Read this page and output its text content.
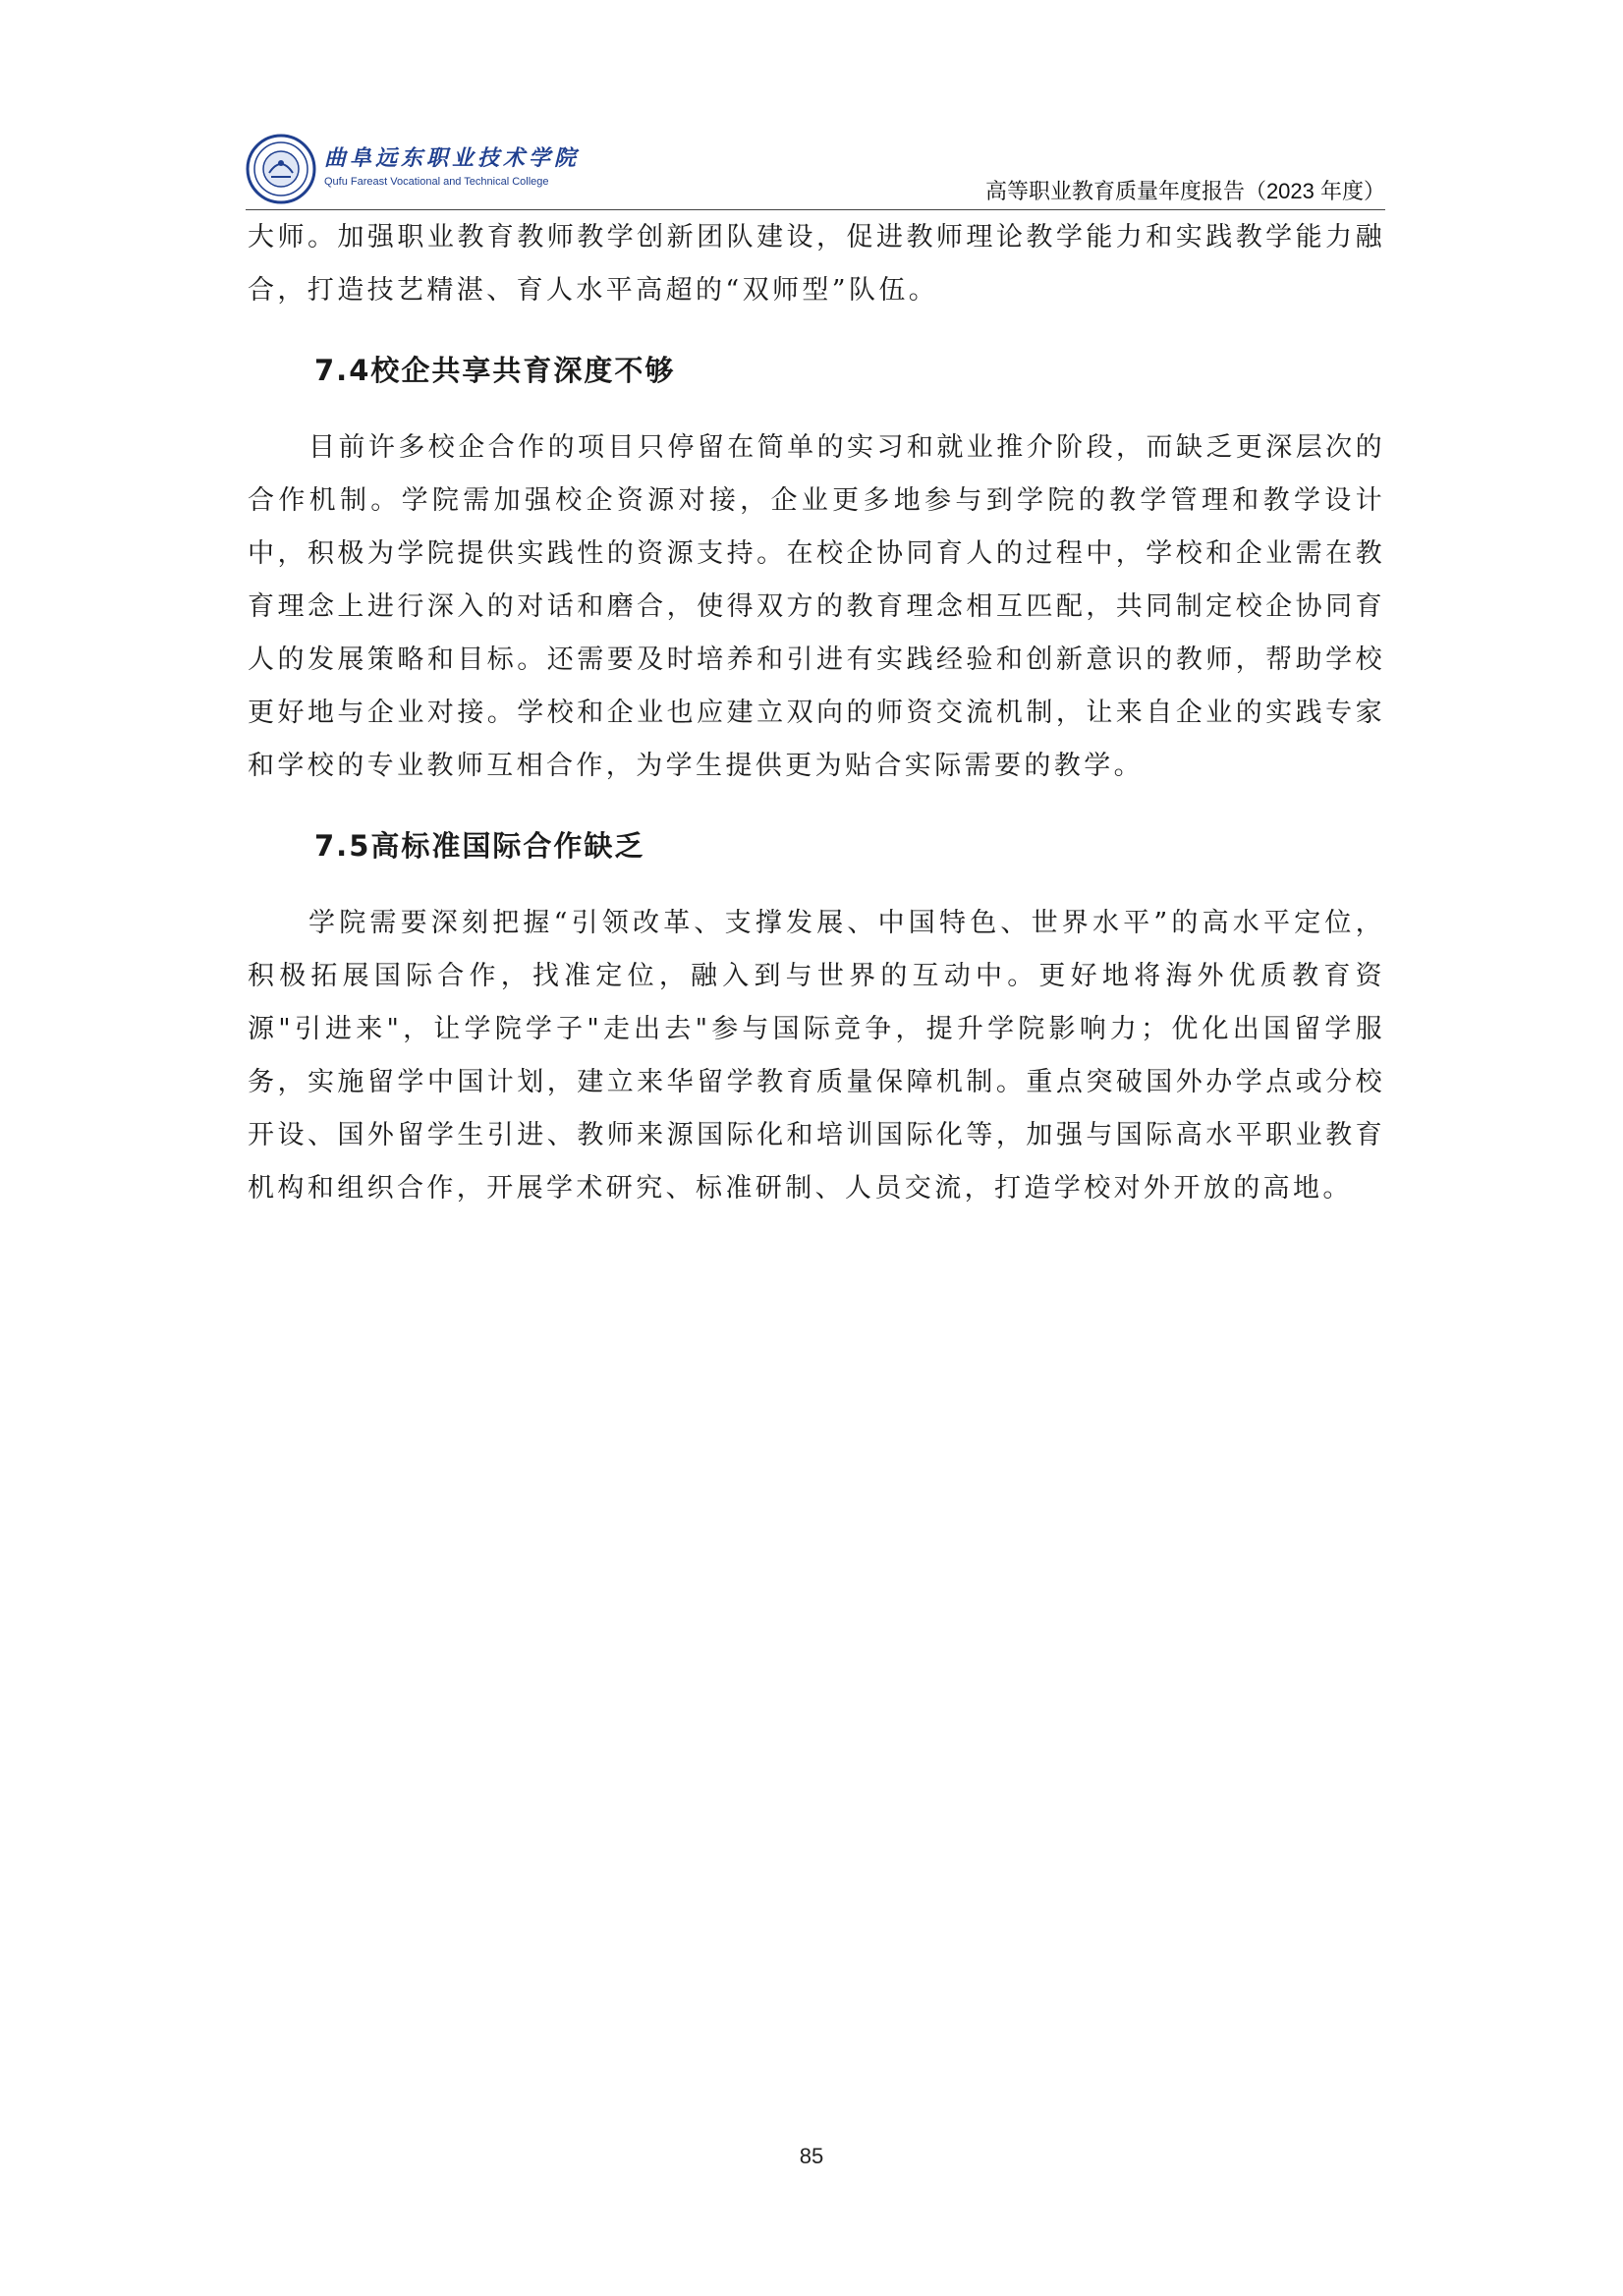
曲阜远东职业技术学院
Qufu Fareast Vocational and Technical College	高等职业教育质量年度报告（2023 年度）

大师。加强职业教育教师教学创新团队建设，促进教师理论教学能力和实践教学能力融合，打造技艺精湛、育人水平高超的“双师型”队伍。

7.4校企共享共育深度不够

目前许多校企合作的项目只停留在简单的实习和就业推介阶段，而缺乏更深层次的合作机制。学院需加强校企资源对接，企业更多地参与到学院的教学管理和教学设计中，积极为学院提供实践性的资源支持。在校企协同育人的过程中，学校和企业需在教育理念上进行深入的对话和磨合，使得双方的教育理念相互匹配，共同制定校企协同育人的发展策略和目标。还需要及时培养和引进有实践经验和创新意识的教师，帮助学校更好地与企业对接。学校和企业也应建立双向的师资交流机制，让来自企业的实践专家和学校的专业教师互相合作，为学生提供更为贴合实际需要的教学。

7.5高标准国际合作缺乏

学院需要深刻把握“引领改革、支撑发展、中国特色、世界水平”的高水平定位，积极拓展国际合作，找准定位，融入到与世界的互动中。更好地将海外优质教育资源"引进来"，让学院学子"走出去"参与国际竞争，提升学院影响力；优化出国留学服务，实施留学中国计划，建立来华留学教育质量保障机制。重点突破国外办学点或分校开设、国外留学生引进、教师来源国际化和培训国际化等，加强与国际高水平职业教育机构和组织合作，开展学术研究、标准研制、人员交流，打造学校对外开放的高地。

85
